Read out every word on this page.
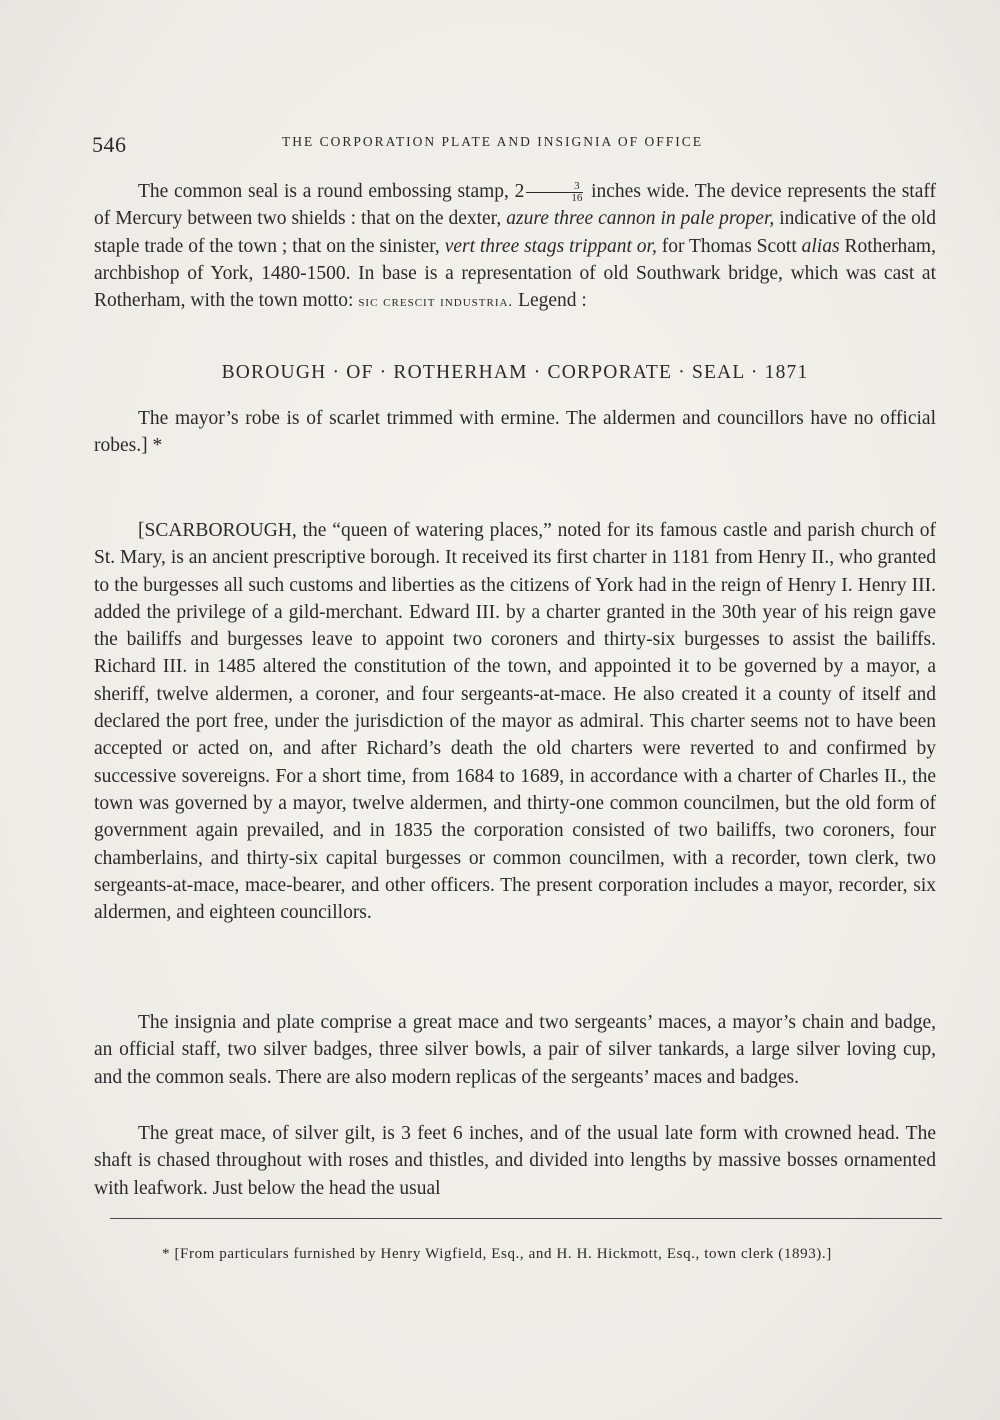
546	THE CORPORATION PLATE AND INSIGNIA OF OFFICE

The common seal is a round embossing stamp, $2 \frac{3}{16}$ inches wide. The device represents the staff of Mercury between two shields : that on the dexter, azure three cannon in pale proper, indicative of the old staple trade of the town ; that on the sinister, vert three stags trippant or, for Thomas Scott alias Rotherham, archbishop of York, 1480-1500. In base is a representation of old Southwark bridge, which was cast at Rotherham, with the town motto: sic crescit industria. Legend :

BOROUGH · OF · ROTHERHAM · CORPORATE · SEAL · 1871

The mayor’s robe is of scarlet trimmed with ermine. The aldermen and councillors have no official robes.] *

[SCARBOROUGH, the “queen of watering places,” noted for its famous castle and parish church of St. Mary, is an ancient prescriptive borough. It received its first charter in 1181 from Henry II., who granted to the burgesses all such customs and liberties as the citizens of York had in the reign of Henry I. Henry III. added the privilege of a gild-merchant. Edward III. by a charter granted in the 30th year of his reign gave the bailiffs and burgesses leave to appoint two coroners and thirty-six burgesses to assist the bailiffs. Richard III. in 1485 altered the constitution of the town, and appointed it to be governed by a mayor, a sheriff, twelve aldermen, a coroner, and four sergeants-at-mace. He also created it a county of itself and declared the port free, under the jurisdiction of the mayor as admiral. This charter seems not to have been accepted or acted on, and after Richard’s death the old charters were reverted to and confirmed by successive sovereigns. For a short time, from 1684 to 1689, in accordance with a charter of Charles II., the town was governed by a mayor, twelve aldermen, and thirty-one common councilmen, but the old form of government again prevailed, and in 1835 the corporation consisted of two bailiffs, two coroners, four chamberlains, and thirty-six capital burgesses or common councilmen, with a recorder, town clerk, two sergeants-at-mace, mace-bearer, and other officers. The present corporation includes a mayor, recorder, six aldermen, and eighteen councillors.

The insignia and plate comprise a great mace and two sergeants’ maces, a mayor’s chain and badge, an official staff, two silver badges, three silver bowls, a pair of silver tankards, a large silver loving cup, and the common seals. There are also modern replicas of the sergeants’ maces and badges.

The great mace, of silver gilt, is 3 feet 6 inches, and of the usual late form with crowned head. The shaft is chased throughout with roses and thistles, and divided into lengths by massive bosses ornamented with leafwork. Just below the head the usual

* [From particulars furnished by Henry Wigfield, Esq., and H. H. Hickmott, Esq., town clerk (1893).]
